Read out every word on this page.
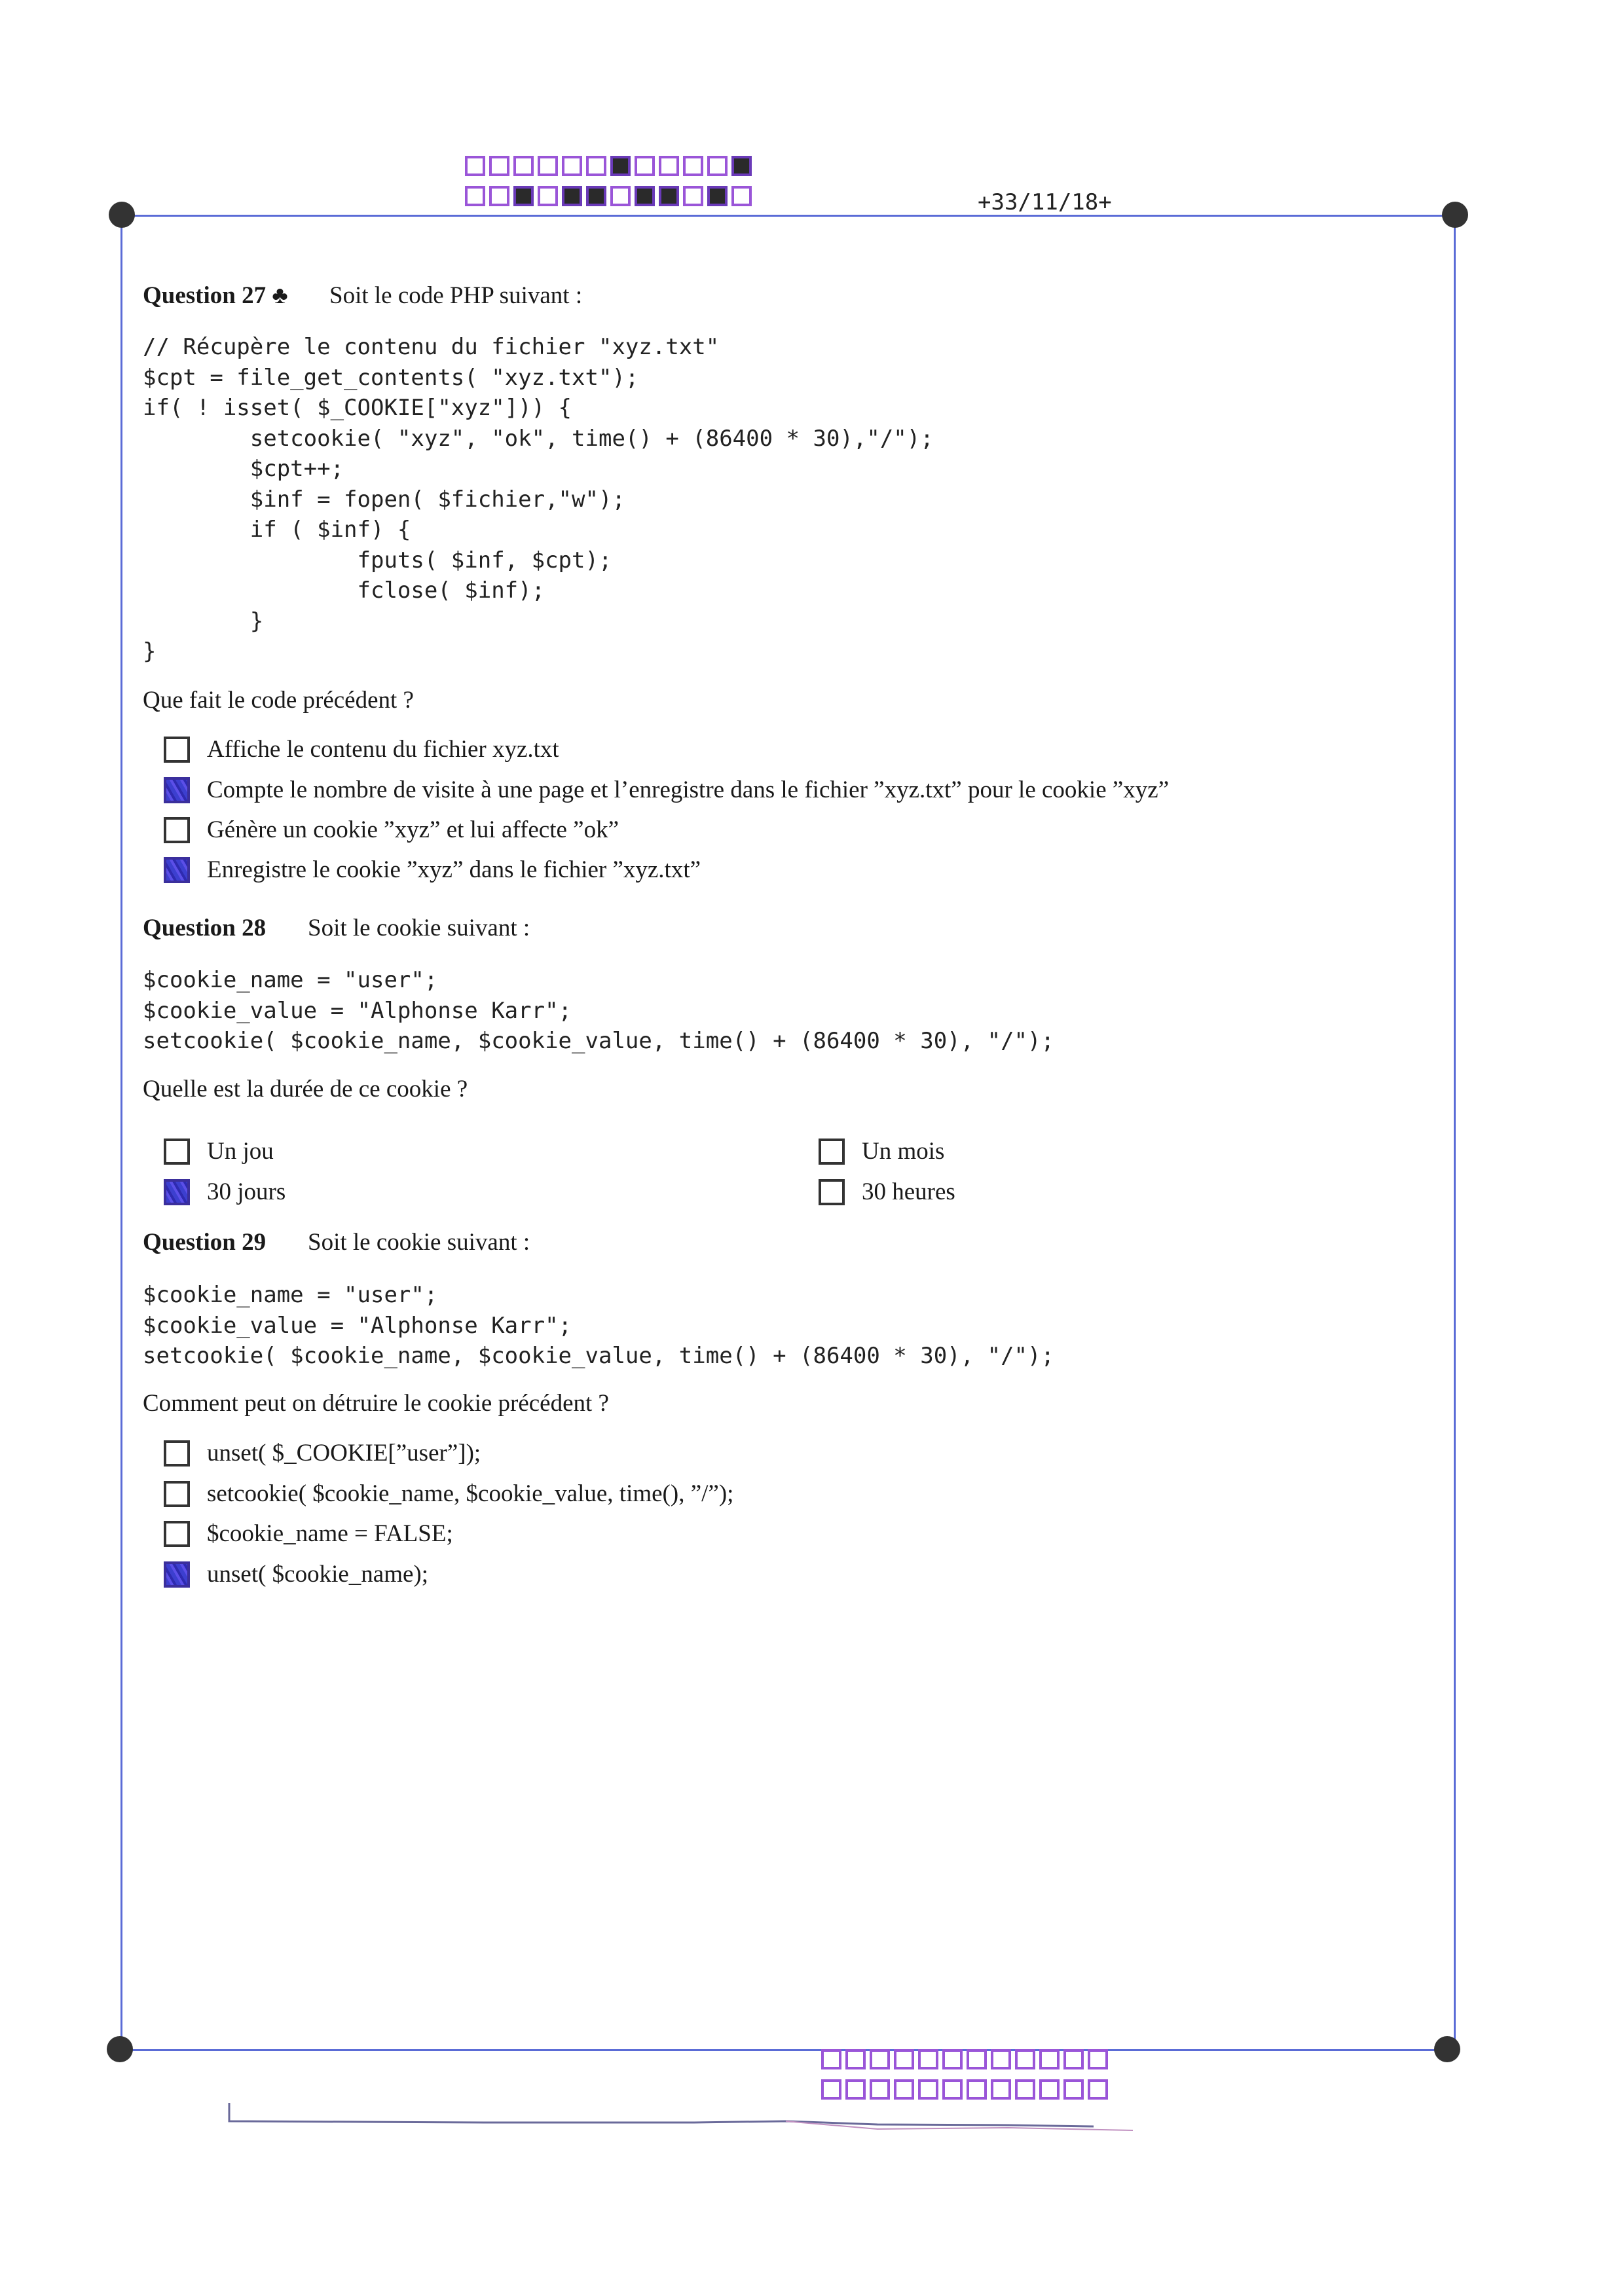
+33/11/18+
Question 27 ♣ Soit le code PHP suivant :
// Récupère le contenu du fichier "xyz.txt"
$cpt = file_get_contents( "xyz.txt");
if( ! isset( $_COOKIE["xyz"])) {
setcookie( "xyz", "ok", time() + (86400 * 30),"/");
$cpt++;
$inf = fopen( $fichier,"w");
if ( $inf) {
fputs( $inf, $cpt);
fclose( $inf);
}
}
Que fait le code précédent ?
Affiche le contenu du fichier xyz.txt
Compte le nombre de visite à une page et l’enregistre dans le fichier ”xyz.txt” pour le cookie ”xyz”
Génère un cookie ”xyz” et lui affecte ”ok”
Enregistre le cookie ”xyz” dans le fichier ”xyz.txt”
Question 28 Soit le cookie suivant :
$cookie_name = "user";
$cookie_value = "Alphonse Karr";
setcookie( $cookie_name, $cookie_value, time() + (86400 * 30), "/");
Quelle est la durée de ce cookie ?
Un jou	Un mois
30 jours	30 heures
Question 29 Soit le cookie suivant :
$cookie_name = "user";
$cookie_value = "Alphonse Karr";
setcookie( $cookie_name, $cookie_value, time() + (86400 * 30), "/");
Comment peut on détruire le cookie précédent ?
unset( $_COOKIE[”user”]);
setcookie( $cookie_name, $cookie_value, time(), ”/”);
$cookie_name = FALSE;
unset( $cookie_name);
